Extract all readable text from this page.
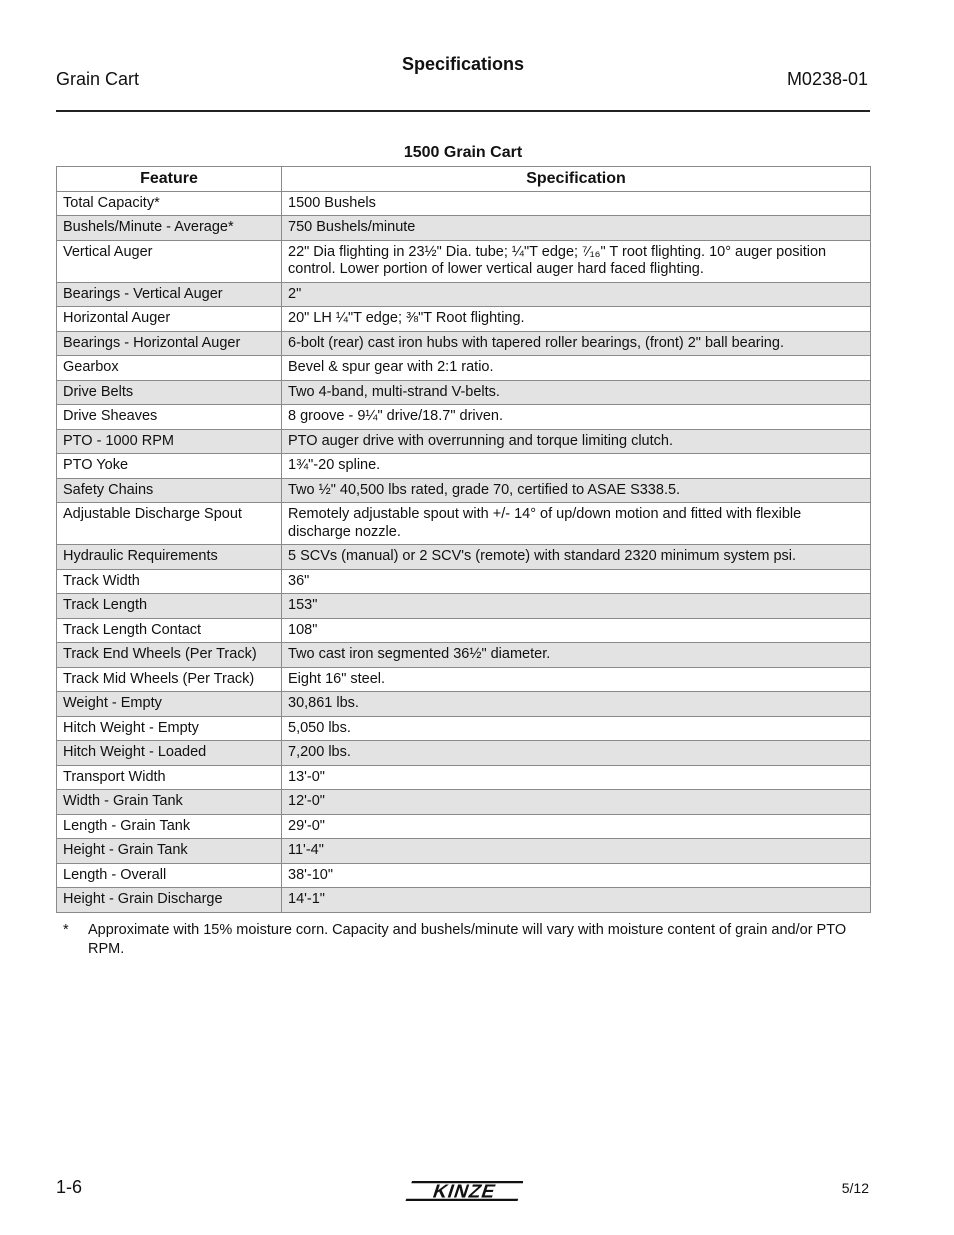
Specifications
Grain Cart	M0238-01
1500 Grain Cart
Feature	Specification
Total Capacity*	1500 Bushels
Bushels/Minute - Average*	750 Bushels/minute
Vertical Auger	22" Dia flighting in 23½" Dia. tube; ¼"T edge; ⁷⁄₁₆" T root flighting. 10° auger position control. Lower portion of lower vertical auger hard faced flighting.
Bearings - Vertical Auger	2"
Horizontal Auger	20" LH ¼"T edge; ⅜"T Root flighting.
Bearings - Horizontal Auger	6-bolt (rear) cast iron hubs with tapered roller bearings, (front) 2" ball bearing.
Gearbox	Bevel & spur gear with 2:1 ratio.
Drive Belts	Two 4-band, multi-strand V-belts.
Drive Sheaves	8 groove - 9¼" drive/18.7" driven.
PTO - 1000 RPM	PTO auger drive with overrunning and torque limiting clutch.
PTO Yoke	1¾"-20 spline.
Safety Chains	Two ½" 40,500 lbs rated, grade 70, certified to ASAE S338.5.
Adjustable Discharge Spout	Remotely adjustable spout with +/- 14° of up/down motion and fitted with flexible discharge nozzle.
Hydraulic Requirements	5 SCVs (manual) or 2 SCV's (remote) with standard 2320 minimum system psi.
Track Width	36"
Track Length	153"
Track Length Contact	108"
Track End Wheels (Per Track)	Two cast iron segmented 36½" diameter.
Track Mid Wheels (Per Track)	Eight 16" steel.
Weight - Empty	30,861 lbs.
Hitch Weight - Empty	5,050 lbs.
Hitch Weight - Loaded	7,200 lbs.
Transport Width	13'-0"
Width - Grain Tank	12'-0"
Length - Grain Tank	29'-0"
Height - Grain Tank	11'-4"
Length - Overall	38'-10"
Height - Grain Discharge	14'-1"
* Approximate with 15% moisture corn. Capacity and bushels/minute will vary with moisture content of grain and/or PTO RPM.
1-6	KINZE	5/12
